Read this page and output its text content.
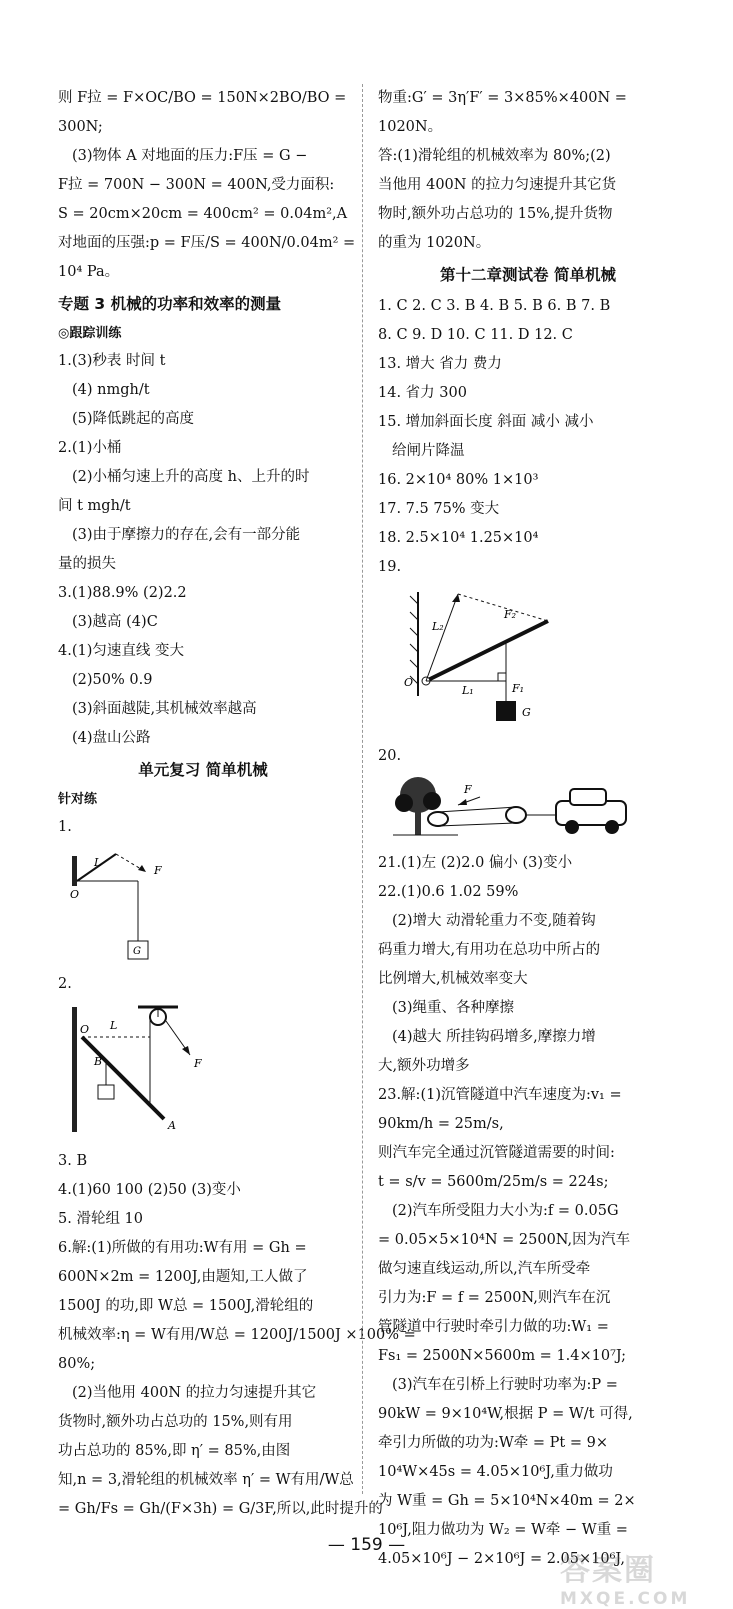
则 F拉 = F×OC/BO = 150N×2BO/BO =
300N;
(3)物体 A 对地面的压力:F压 = G −
F拉 = 700N − 300N = 400N,受力面积:
S = 20cm×20cm = 400cm² = 0.04m²,A
对地面的压强:p = F压/S = 400N/0.04m² =
10⁴ Pa。
专题 3 机械的功率和效率的测量
◎跟踪训练
1.(3)秒表 时间 t
(4) nmgh/t
(5)降低跳起的高度
2.(1)小桶
(2)小桶匀速上升的高度 h、上升的时
间 t mgh/t
(3)由于摩擦力的存在,会有一部分能
量的损失
3.(1)88.9% (2)2.2
(3)越高 (4)C
4.(1)匀速直线 变大
(2)50% 0.9
(3)斜面越陡,其机械效率越高
(4)盘山公路
单元复习 简单机械
针对练
1.
L
F
O
G
2.
O L
B
A
F
3. B
4.(1)60 100 (2)50 (3)变小
5. 滑轮组 10
6.解:(1)所做的有用功:W有用 = Gh =
600N×2m = 1200J,由题知,工人做了
1500J 的功,即 W总 = 1500J,滑轮组的
机械效率:η = W有用/W总 = 1200J/1500J ×100% =
80%;
(2)当他用 400N 的拉力匀速提升其它
货物时,额外功占总功的 15%,则有用
功占总功的 85%,即 η′ = 85%,由图
知,n = 3,滑轮组的机械效率 η′ = W有用/W总
= Gh/Fs = Gh/(F×3h) = G/3F,所以,此时提升的
物重:G′ = 3η′F′ = 3×85%×400N =
1020N。
答:(1)滑轮组的机械效率为 80%;(2)
当他用 400N 的拉力匀速提升其它货
物时,额外功占总功的 15%,提升货物
的重为 1020N。
第十二章测试卷 简单机械
1. C 2. C 3. B 4. B 5. B 6. B 7. B
8. C 9. D 10. C 11. D 12. C
13. 增大 省力 费力
14. 省力 300
15. 增加斜面长度 斜面 减小 减小
给闸片降温
16. 2×10⁴ 80% 1×10³
17. 7.5 75% 变大
18. 2.5×10⁴ 1.25×10⁴
19.
L₂
F₂
O
L₁	F₁
G
20.
F
21.(1)左 (2)2.0 偏小 (3)变小
22.(1)0.6 1.02 59%
(2)增大 动滑轮重力不变,随着钩
码重力增大,有用功在总功中所占的
比例增大,机械效率变大
(3)绳重、各种摩擦
(4)越大 所挂钩码增多,摩擦力增
大,额外功增多
23.解:(1)沉管隧道中汽车速度为:v₁ =
90km/h = 25m/s,
则汽车完全通过沉管隧道需要的时间:
t = s/v = 5600m/25m/s = 224s;
(2)汽车所受阻力大小为:f = 0.05G
= 0.05×5×10⁴N = 2500N,因为汽车
做匀速直线运动,所以,汽车所受牵
引力为:F = f = 2500N,则汽车在沉
管隧道中行驶时牵引力做的功:W₁ =
Fs₁ = 2500N×5600m = 1.4×10⁷J;
(3)汽车在引桥上行驶时功率为:P =
90kW = 9×10⁴W,根据 P = W/t 可得,
牵引力所做的功为:W牵 = Pt = 9×
10⁴W×45s = 4.05×10⁶J,重力做功
为 W重 = Gh = 5×10⁴N×40m = 2×
10⁶J,阻力做功为 W₂ = W牵 − W重 =
4.05×10⁶J − 2×10⁶J = 2.05×10⁶J,
— 159 —
答案圈
MXQE.COM
